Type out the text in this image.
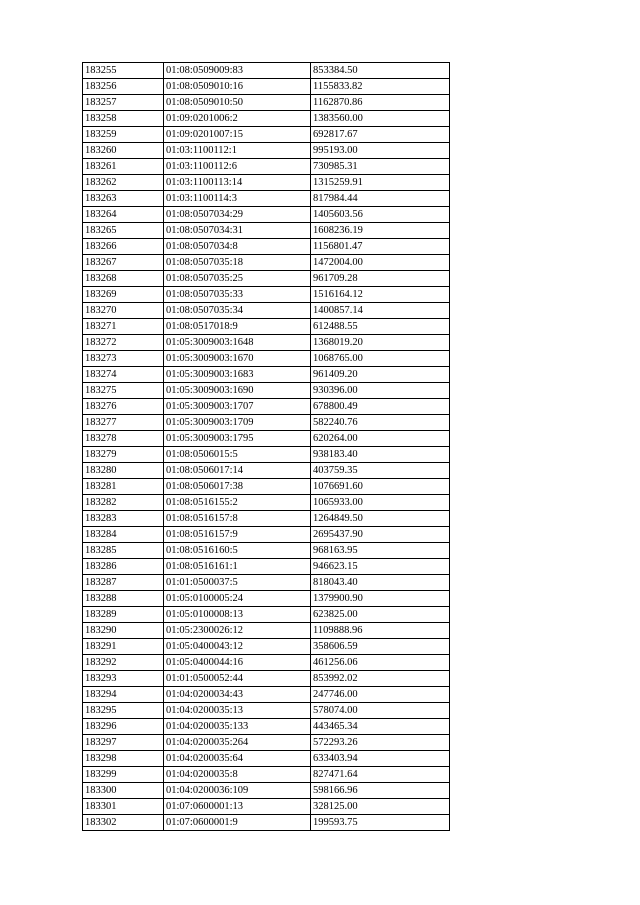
183255	01:08:0509009:83	853384.50
183256	01:08:0509010:16	1155833.82
183257	01:08:0509010:50	1162870.86
183258	01:09:0201006:2	1383560.00
183259	01:09:0201007:15	692817.67
183260	01:03:1100112:1	995193.00
183261	01:03:1100112:6	730985.31
183262	01:03:1100113:14	1315259.91
183263	01:03:1100114:3	817984.44
183264	01:08:0507034:29	1405603.56
183265	01:08:0507034:31	1608236.19
183266	01:08:0507034:8	1156801.47
183267	01:08:0507035:18	1472004.00
183268	01:08:0507035:25	961709.28
183269	01:08:0507035:33	1516164.12
183270	01:08:0507035:34	1400857.14
183271	01:08:0517018:9	612488.55
183272	01:05:3009003:1648	1368019.20
183273	01:05:3009003:1670	1068765.00
183274	01:05:3009003:1683	961409.20
183275	01:05:3009003:1690	930396.00
183276	01:05:3009003:1707	678800.49
183277	01:05:3009003:1709	582240.76
183278	01:05:3009003:1795	620264.00
183279	01:08:0506015:5	938183.40
183280	01:08:0506017:14	403759.35
183281	01:08:0506017:38	1076691.60
183282	01:08:0516155:2	1065933.00
183283	01:08:0516157:8	1264849.50
183284	01:08:0516157:9	2695437.90
183285	01:08:0516160:5	968163.95
183286	01:08:0516161:1	946623.15
183287	01:01:0500037:5	818043.40
183288	01:05:0100005:24	1379900.90
183289	01:05:0100008:13	623825.00
183290	01:05:2300026:12	1109888.96
183291	01:05:0400043:12	358606.59
183292	01:05:0400044:16	461256.06
183293	01:01:0500052:44	853992.02
183294	01:04:0200034:43	247746.00
183295	01:04:0200035:13	578074.00
183296	01:04:0200035:133	443465.34
183297	01:04:0200035:264	572293.26
183298	01:04:0200035:64	633403.94
183299	01:04:0200035:8	827471.64
183300	01:04:0200036:109	598166.96
183301	01:07:0600001:13	328125.00
183302	01:07:0600001:9	199593.75
